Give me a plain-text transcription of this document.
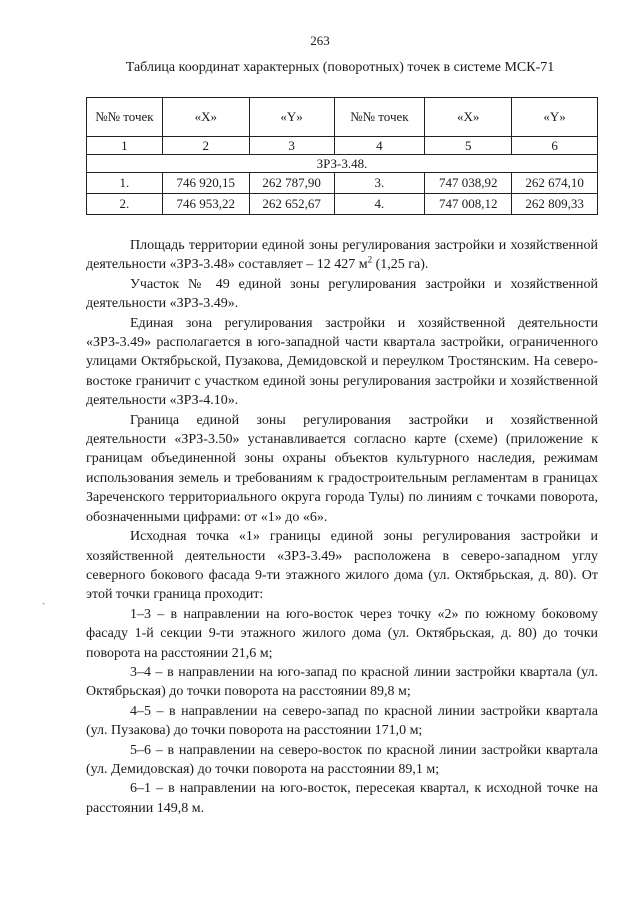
263
Таблица координат характерных (поворотных) точек в системе МСК-71
№№ точек	«X»	«Y»	№№ точек	«X»	«Y»
1	2	3	4	5	6
ЗРЗ-3.48.					
1.	746 920,15	262 787,90	3.	747 038,92	262 674,10
2.	746 953,22	262 652,67	4.	747 008,12	262 809,33

Площадь территории единой зоны регулирования застройки и хозяйственной деятельности «ЗРЗ-3.48» составляет – 12 427 $м^2$ (1,25 га).

Участок № 49 единой зоны регулирования застройки и хозяйственной деятельности «ЗРЗ-3.49».

Единая зона регулирования застройки и хозяйственной деятельности «ЗРЗ-3.49» располагается в юго-западной части квартала застройки, ограниченного улицами Октябрьской, Пузакова, Демидовской и переулком Тростянским. На северо-востоке граничит с участком единой зоны регулирования застройки и хозяйственной деятельности «ЗРЗ-4.10».

Граница единой зоны регулирования застройки и хозяйственной деятельности «ЗРЗ-3.50» устанавливается согласно карте (схеме) (приложение к границам объединенной зоны охраны объектов культурного наследия, режимам использования земель и требованиям к градостроительным регламентам в границах Зареченского территориального округа города Тулы) по линиям с точками поворота, обозначенными цифрами: от «1» до «6».

Исходная точка «1» границы единой зоны регулирования застройки и хозяйственной деятельности «ЗРЗ-3.49» расположена в северо-западном углу северного бокового фасада 9-ти этажного жилого дома (ул. Октябрьская, д. 80). От этой точки граница проходит:

1–3 – в направлении на юго-восток через точку «2» по южному боковому фасаду 1-й секции 9-ти этажного жилого дома (ул. Октябрьская, д. 80) до точки поворота на расстоянии 21,6 м;

3–4 – в направлении на юго-запад по красной линии застройки квартала (ул. Октябрьская) до точки поворота на расстоянии 89,8 м;

4–5 – в направлении на северо-запад по красной линии застройки квартала (ул. Пузакова) до точки поворота на расстоянии 171,0 м;

5–6 – в направлении на северо-восток по красной линии застройки квартала (ул. Демидовская) до точки поворота на расстоянии 89,1 м;

6–1 – в направлении на юго-восток, пересекая квартал, к исходной точке на расстоянии 149,8 м.

ˎ
